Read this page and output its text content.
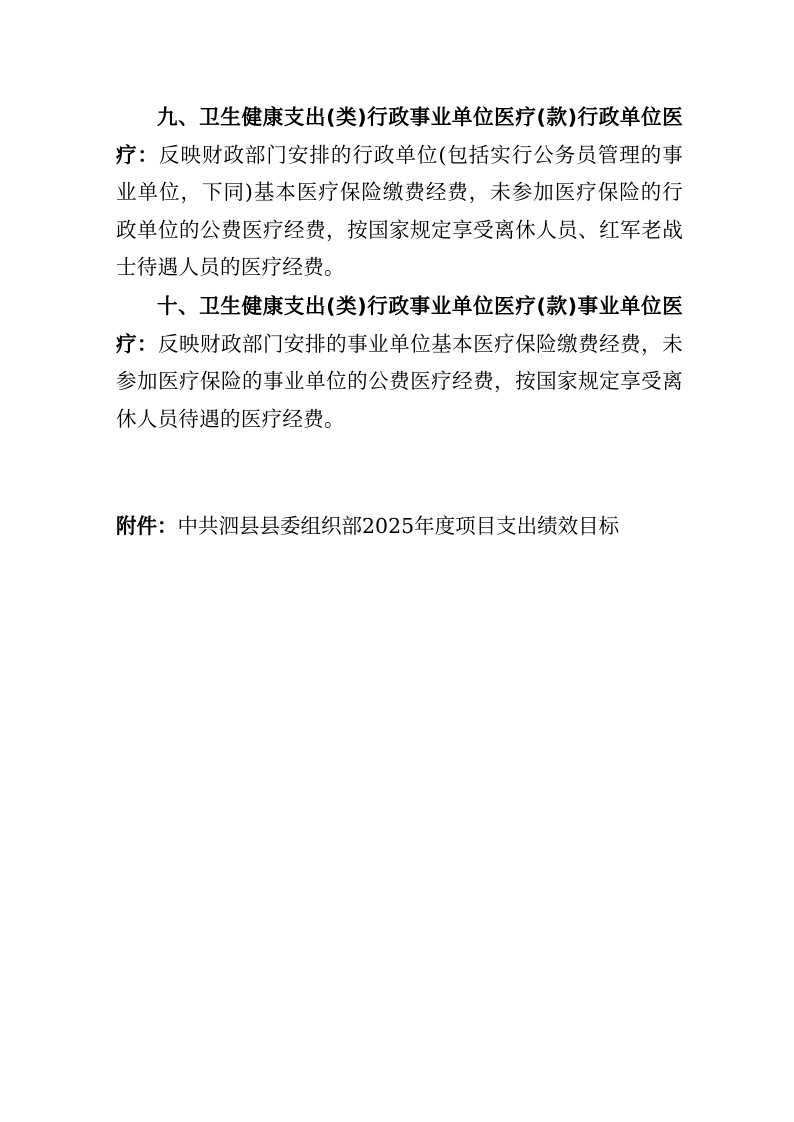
九、卫生健康支出(类)行政事业单位医疗(款)行政单位医疗：反映财政部门安排的行政单位(包括实行公务员管理的事业单位，下同)基本医疗保险缴费经费，未参加医疗保险的行政单位的公费医疗经费，按国家规定享受离休人员、红军老战士待遇人员的医疗经费。

十、卫生健康支出(类)行政事业单位医疗(款)事业单位医疗：反映财政部门安排的事业单位基本医疗保险缴费经费，未参加医疗保险的事业单位的公费医疗经费，按国家规定享受离休人员待遇的医疗经费。

附件：中共泗县县委组织部2025年度项目支出绩效目标
